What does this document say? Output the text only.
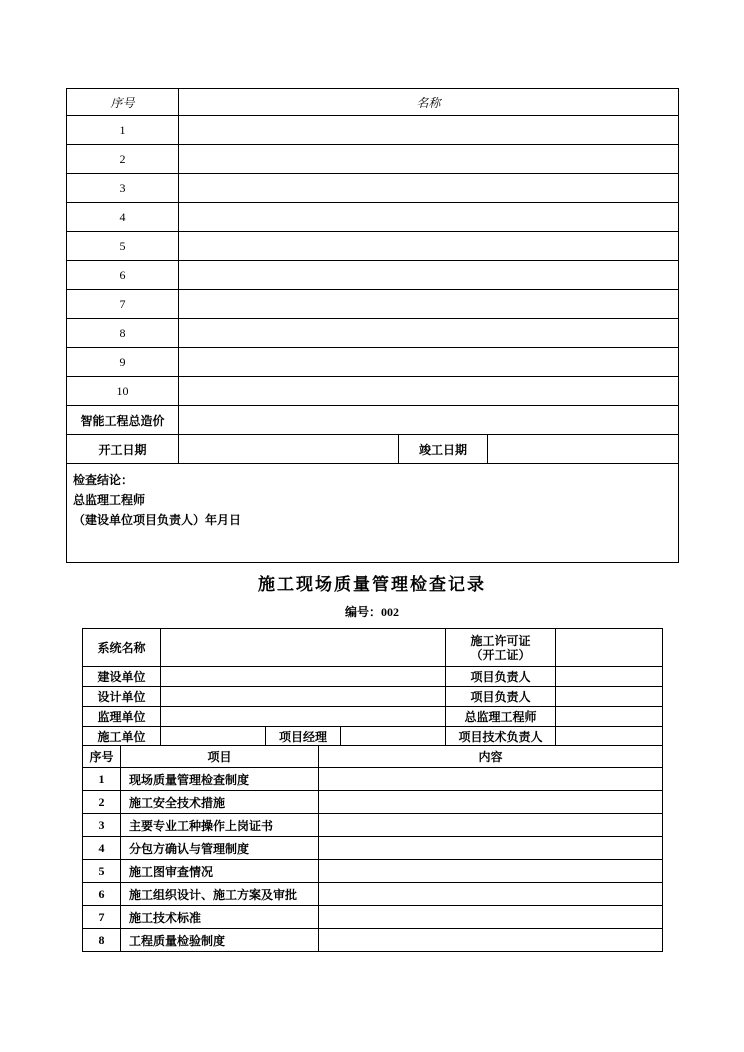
序号	名称		
1			
2			
3			
4			
5			
6			
7			
8			
9			
10			
智能工程总造价			
开工日期		竣工日期	

检查结论：
总监理工程师
（建设单位项目负责人）年月日			
施工现场质量管理检查记录
编号：002
系统名称				施工许可证
（开工证）	

建设单位				项目负责人	
设计单位				项目负责人	
监理单位				总监理工程师	
施工单位		项目经理		项目技术负责人	
序号	项目	内容
1	现场质量管理检查制度	
2	施工安全技术措施	
3	主要专业工种操作上岗证书	
4	分包方确认与管理制度	
5	施工图审查情况	
6	施工组织设计、施工方案及审批	
7	施工技术标准	
8	工程质量检验制度	
